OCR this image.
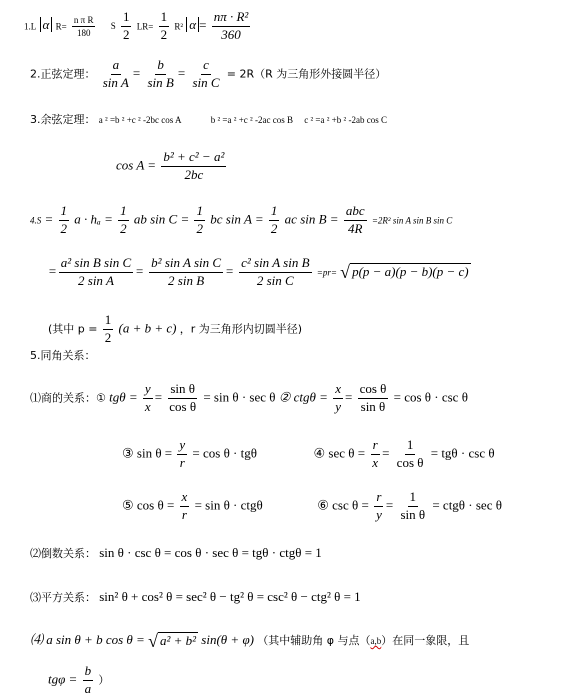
1.L α $R= \frac{\text{n π R}}{180}$ S $\frac{1}{2} LR= \frac{1}{2} R^2$ $\alpha = \frac{\text{nπ · R²}}{360}$
2.正弦定理： $\frac{a}{\text{sin A}} = \frac{b}{\text{sin B}} = \frac{c}{\text{sin C}} = 2R(R$ 为三角形外接圆半径）
3.余弦定理： a ² =b ² +c ² -2bc cos A	b ² =a ² +c ² -2ac cos B c ² =a ² +b ² -2ab cos C
$\cos A = \frac{\text{b² + c² − a²}}{2bc}$
$4.S = \frac{1}{2}$ $a \cdot h_a = \frac{1}{2}$ ab $\sin C = \frac{1}{2}$ bc $\sin A = \frac{1}{2}$ ac $\sin B = \frac{\text{abc}}{4R} =2R^2$ sin A sin B sin C
= $\frac{\text{a² sin B sin C}}{\text{2 sin A}} = \frac{\text{b² sin A sin C}}{\text{2 sin B}} = \frac{\text{c² sin A sin B}}{\text{2 sin C}} =pr=$ √ p(p − a)(p − b)(p − c)
(其中 $p = \frac{1}{2} (a + b + c)$ ，r 为三角形内切圆半径)
5.同角关系：
⑴商的关系：① $tg\theta = \frac{y}{x} = \frac{\text{sin θ}}{\text{cos θ}} = \sin \theta \cdot \sec \theta$ ② $ctg\theta = \frac{x}{y} = \frac{\text{cos θ}}{\text{sin θ}} = \cos \theta \cdot \csc \theta$
③ $\sin \theta = \frac{y}{r} = \cos \theta \cdot tg\theta$	④ $\sec \theta = \frac{r}{x} = \frac{1}{\text{cos θ}} = tg\theta \cdot \csc \theta$
⑤ $\cos \theta = \frac{x}{r} = \sin \theta \cdot ctg\theta$	⑥ $\csc \theta = \frac{r}{y} = \frac{1}{\text{sin θ}} = ctg\theta \cdot \sec \theta$
⑵倒数关系： sin θ · csc θ = cos θ · sec θ = tgθ · ctgθ = 1
⑶平方关系： sin² θ + cos² θ = sec² θ − tg² θ = csc² θ − ctg² θ = 1
⑷ a sin θ + b cos θ = √ a² + b² sin(θ + φ) （其中辅助角 φ 与点（a,b）在同一象限，且
$tg\varphi = \frac{b}{a}$ ）
